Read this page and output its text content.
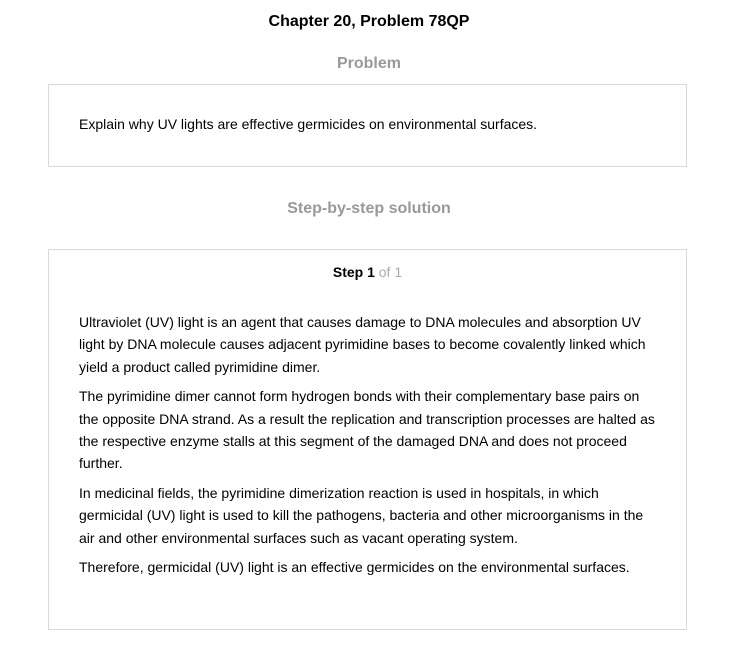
Chapter 20, Problem 78QP
Problem
Explain why UV lights are effective germicides on environmental surfaces.
Step-by-step solution
Step 1 of 1

Ultraviolet (UV) light is an agent that causes damage to DNA molecules and absorption UV light by DNA molecule causes adjacent pyrimidine bases to become covalently linked which yield a product called pyrimidine dimer.

The pyrimidine dimer cannot form hydrogen bonds with their complementary base pairs on the opposite DNA strand. As a result the replication and transcription processes are halted as the respective enzyme stalls at this segment of the damaged DNA and does not proceed further.

In medicinal fields, the pyrimidine dimerization reaction is used in hospitals, in which germicidal (UV) light is used to kill the pathogens, bacteria and other microorganisms in the air and other environmental surfaces such as vacant operating system.

Therefore, germicidal (UV) light is an effective germicides on the environmental surfaces.
